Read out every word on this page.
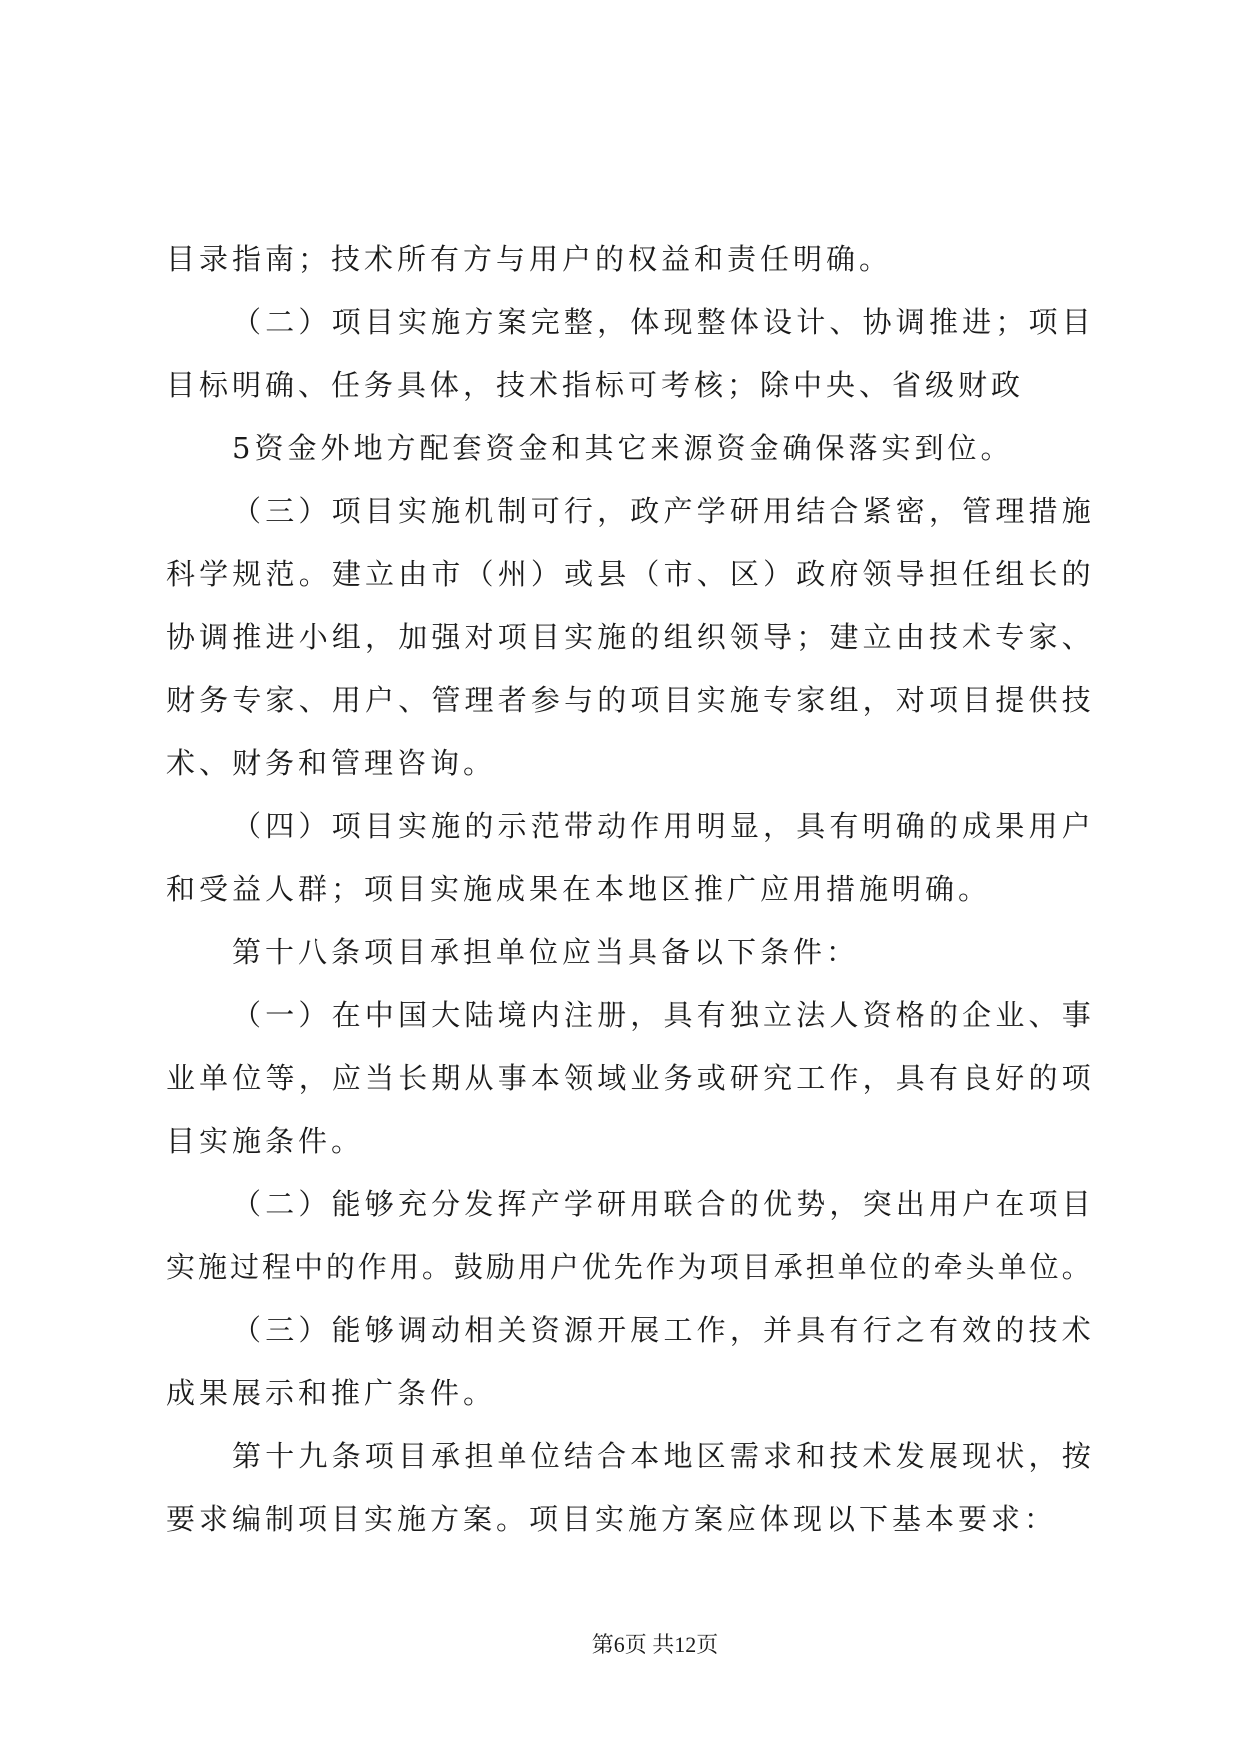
目录指南；技术所有方与用户的权益和责任明确。
（ 二 ） 项 目 实 施 方 案 完 整 ， 体 现 整 体 设 计 、 协 调 推 进 ； 项 目
目标明确、任务具体，技术指标可考核；除中央、省级财政
5资金外地方配套资金和其它来源资金确保落实到位。
（ 三 ） 项 目 实 施 机 制 可 行 ， 政 产 学 研 用 结 合 紧 密 ， 管 理 措 施
科 学 规 范 。 建 立 由 市 （ 州 ） 或 县 （ 市 、 区 ） 政 府 领 导 担 任 组 长 的
协 调 推 进 小 组 ， 加 强 对 项 目 实 施 的 组 织 领 导 ； 建 立 由 技 术 专 家 、
财 务 专 家 、 用 户 、 管 理 者 参 与 的 项 目 实 施 专 家 组 ， 对 项 目 提 供 技
术、财务和管理咨询。
（ 四 ） 项 目 实 施 的 示 范 带 动 作 用 明 显 ， 具 有 明 确 的 成 果 用 户
和受益人群；项目实施成果在本地区推广应用措施明确。
第十八条项目承担单位应当具备以下条件：
（ 一 ） 在 中 国 大 陆 境 内 注 册 ， 具 有 独 立 法 人 资 格 的 企 业 、 事
业 单 位 等 ， 应 当 长 期 从 事 本 领 域 业 务 或 研 究 工 作 ， 具 有 良 好 的 项
目实施条件。
（ 二 ） 能 够 充 分 发 挥 产 学 研 用 联 合 的 优 势 ， 突 出 用 户 在 项 目
实 施 过 程 中 的 作 用 。 鼓 励 用 户 优 先 作 为 项 目 承 担 单 位 的 牵 头 单 位 。
（ 三 ） 能 够 调 动 相 关 资 源 开 展 工 作 ， 并 具 有 行 之 有 效 的 技 术
成果展示和推广条件。
第 十 九 条 项 目 承 担 单 位 结 合 本 地 区 需 求 和 技 术 发 展 现 状 ， 按
要求编制项目实施方案。项目实施方案应体现以下基本要求：
第6页 共12页
